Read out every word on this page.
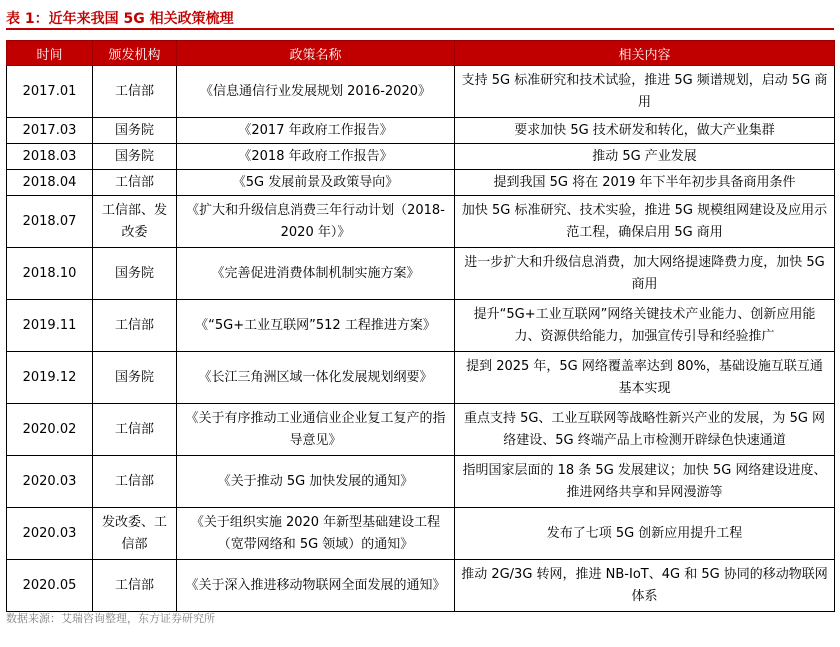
表 1：近年来我国 5G 相关政策梳理
时间	颁发机构	政策名称	相关内容
2017.01	工信部	《信息通信行业发展规划 2016-2020》	支持 5G 标准研究和技术试验，推进 5G 频谱规划，启动 5G 商用
2017.03	国务院	《2017 年政府工作报告》	要求加快 5G 技术研发和转化，做大产业集群
2018.03	国务院	《2018 年政府工作报告》	推动 5G 产业发展
2018.04	工信部	《5G 发展前景及政策导向》	提到我国 5G 将在 2019 年下半年初步具备商用条件
2018.07	工信部、发改委	《扩大和升级信息消费三年行动计划（2018-2020 年）》	加快 5G 标准研究、技术实验，推进 5G 规模组网建设及应用示范工程，确保启用 5G 商用
2018.10	国务院	《完善促进消费体制机制实施方案》	进一步扩大和升级信息消费，加大网络提速降费力度，加快 5G 商用
2019.11	工信部	《“5G+工业互联网”512 工程推进方案》	提升“5G+工业互联网”网络关键技术产业能力、创新应用能力、资源供给能力，加强宣传引导和经验推广
2019.12	国务院	《长江三角洲区域一体化发展规划纲要》	提到 2025 年，5G 网络覆盖率达到 80%，基础设施互联互通基本实现
2020.02	工信部	《关于有序推动工业通信业企业复工复产的指导意见》	重点支持 5G、工业互联网等战略性新兴产业的发展，为 5G 网络建设、5G 终端产品上市检测开辟绿色快速通道
2020.03	工信部	《关于推动 5G 加快发展的通知》	指明国家层面的 18 条 5G 发展建议；加快 5G 网络建设进度、推进网络共享和异网漫游等
2020.03	发改委、工信部	《关于组织实施 2020 年新型基础建设工程（宽带网络和 5G 领域）的通知》	发布了七项 5G 创新应用提升工程
2020.05	工信部	《关于深入推进移动物联网全面发展的通知》	推动 2G/3G 转网，推进 NB-IoT、4G 和 5G 协同的移动物联网体系
数据来源：艾瑞咨询整理，东方证券研究所
